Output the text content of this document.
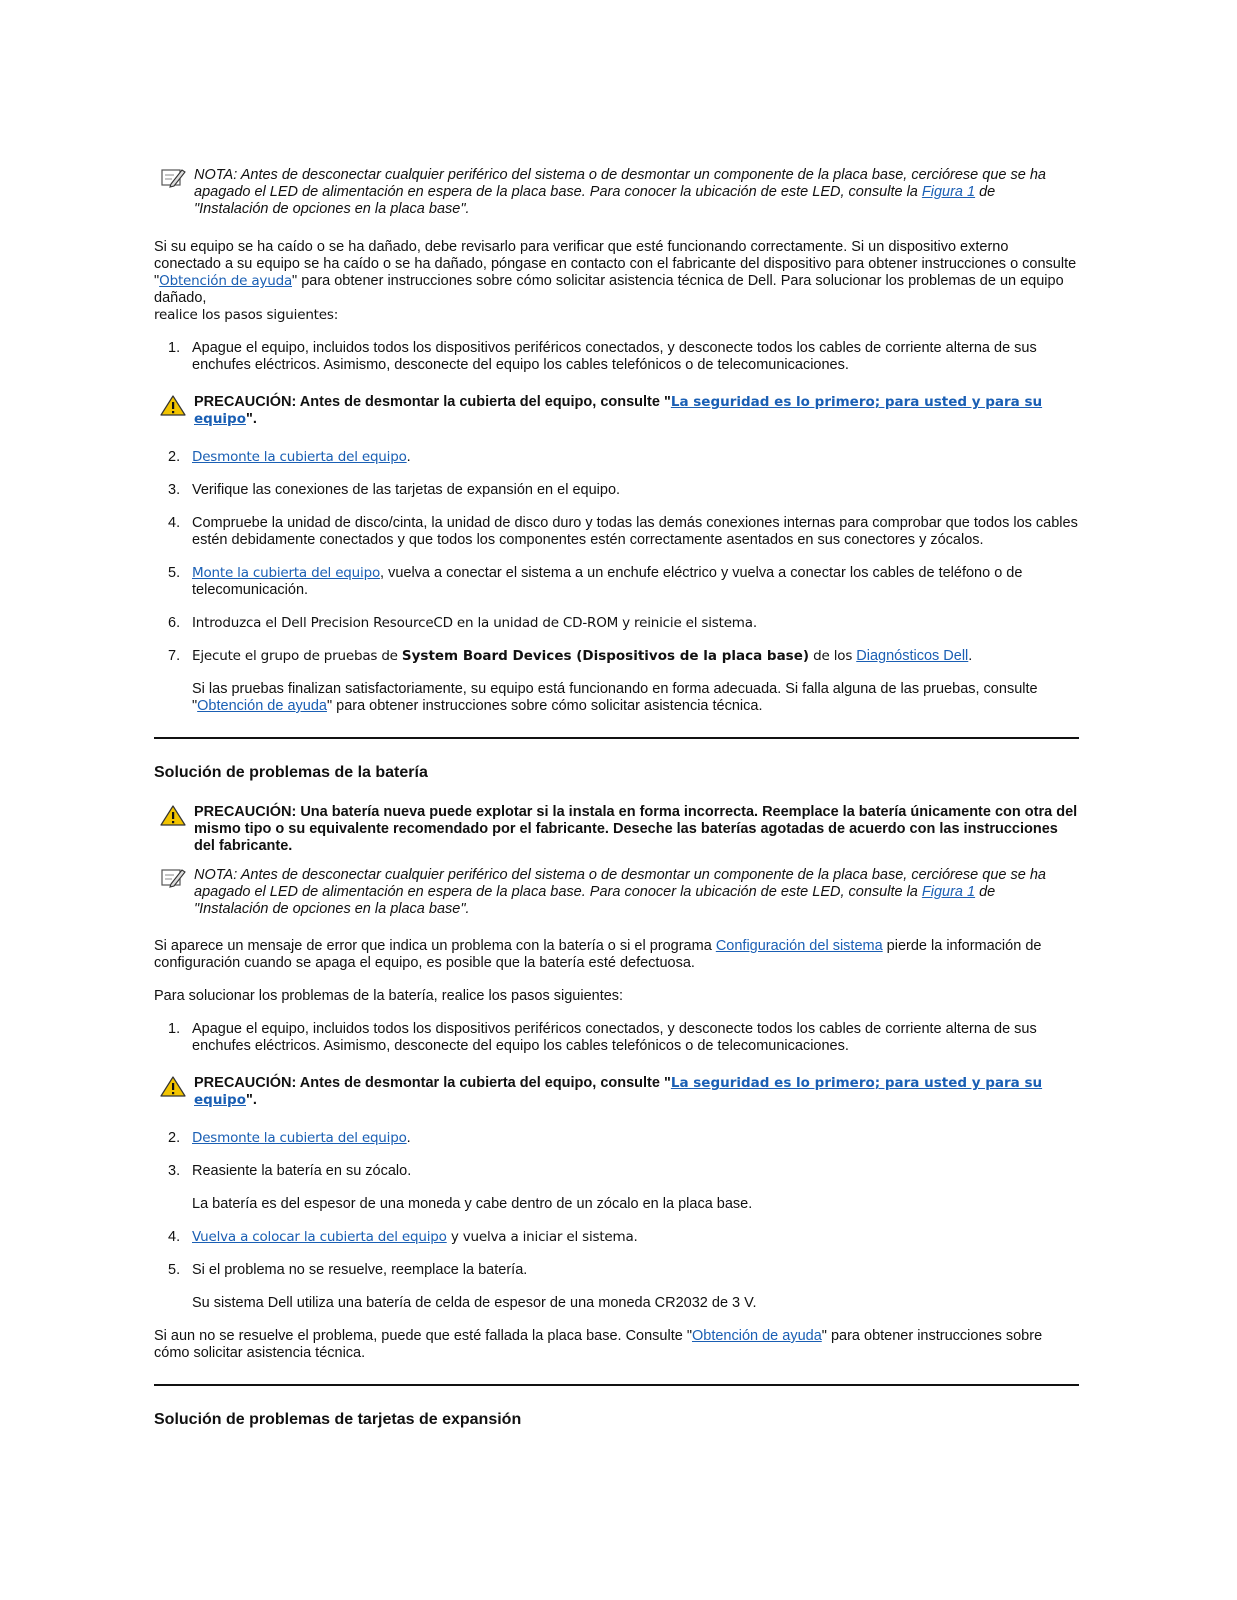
NOTA: Antes de desconectar cualquier periférico del sistema o de desmontar un componente de la placa base, cerciórese que se ha apagado el LED de alimentación en espera de la placa base. Para conocer la ubicación de este LED, consulte la Figura 1 de
"Instalación de opciones en la placa base".

Si su equipo se ha caído o se ha dañado, debe revisarlo para verificar que esté funcionando correctamente. Si un dispositivo externo conectado a su equipo se ha caído o se ha dañado, póngase en contacto con el fabricante del dispositivo para obtener instrucciones o consulte "Obtención de ayuda" para obtener instrucciones sobre cómo solicitar asistencia técnica de Dell. Para solucionar los problemas de un equipo dañado,
realice los pasos siguientes:

1. Apague el equipo, incluidos todos los dispositivos periféricos conectados, y desconecte todos los cables de corriente alterna de sus enchufes eléctricos. Asimismo, desconecte del equipo los cables telefónicos o de telecomunicaciones.

PRECAUCIÓN: Antes de desmontar la cubierta del equipo, consulte "La seguridad es lo primero; para usted y para su equipo".

2. Desmonte la cubierta del equipo.
3. Verifique las conexiones de las tarjetas de expansión en el equipo.
4. Compruebe la unidad de disco/cinta, la unidad de disco duro y todas las demás conexiones internas para comprobar que todos los cables estén debidamente conectados y que todos los componentes estén correctamente asentados en sus conectores y zócalos.
5. Monte la cubierta del equipo, vuelva a conectar el sistema a un enchufe eléctrico y vuelva a conectar los cables de teléfono o de telecomunicación.
6. Introduzca el Dell Precision ResourceCD en la unidad de CD-ROM y reinicie el sistema.
7. Ejecute el grupo de pruebas de System Board Devices (Dispositivos de la placa base) de los Diagnósticos Dell.

Si las pruebas finalizan satisfactoriamente, su equipo está funcionando en forma adecuada. Si falla alguna de las pruebas, consulte "Obtención de ayuda" para obtener instrucciones sobre cómo solicitar asistencia técnica.

Solución de problemas de la batería

PRECAUCIÓN: Una batería nueva puede explotar si la instala en forma incorrecta. Reemplace la batería únicamente con otra del mismo tipo o su equivalente recomendado por el fabricante. Deseche las baterías agotadas de acuerdo con las instrucciones del fabricante.

NOTA: Antes de desconectar cualquier periférico del sistema o de desmontar un componente de la placa base, cerciórese que se ha apagado el LED de alimentación en espera de la placa base. Para conocer la ubicación de este LED, consulte la Figura 1 de
"Instalación de opciones en la placa base".

Si aparece un mensaje de error que indica un problema con la batería o si el programa Configuración del sistema pierde la información de configuración cuando se apaga el equipo, es posible que la batería esté defectuosa.

Para solucionar los problemas de la batería, realice los pasos siguientes:

1. Apague el equipo, incluidos todos los dispositivos periféricos conectados, y desconecte todos los cables de corriente alterna de sus enchufes eléctricos. Asimismo, desconecte del equipo los cables telefónicos o de telecomunicaciones.

PRECAUCIÓN: Antes de desmontar la cubierta del equipo, consulte "La seguridad es lo primero; para usted y para su equipo".

2. Desmonte la cubierta del equipo.
3. Reasiente la batería en su zócalo.

La batería es del espesor de una moneda y cabe dentro de un zócalo en la placa base.

4. Vuelva a colocar la cubierta del equipo y vuelva a iniciar el sistema.
5. Si el problema no se resuelve, reemplace la batería.

Su sistema Dell utiliza una batería de celda de espesor de una moneda CR2032 de 3 V.

Si aun no se resuelve el problema, puede que esté fallada la placa base. Consulte "Obtención de ayuda" para obtener instrucciones sobre cómo solicitar asistencia técnica.

Solución de problemas de tarjetas de expansión
